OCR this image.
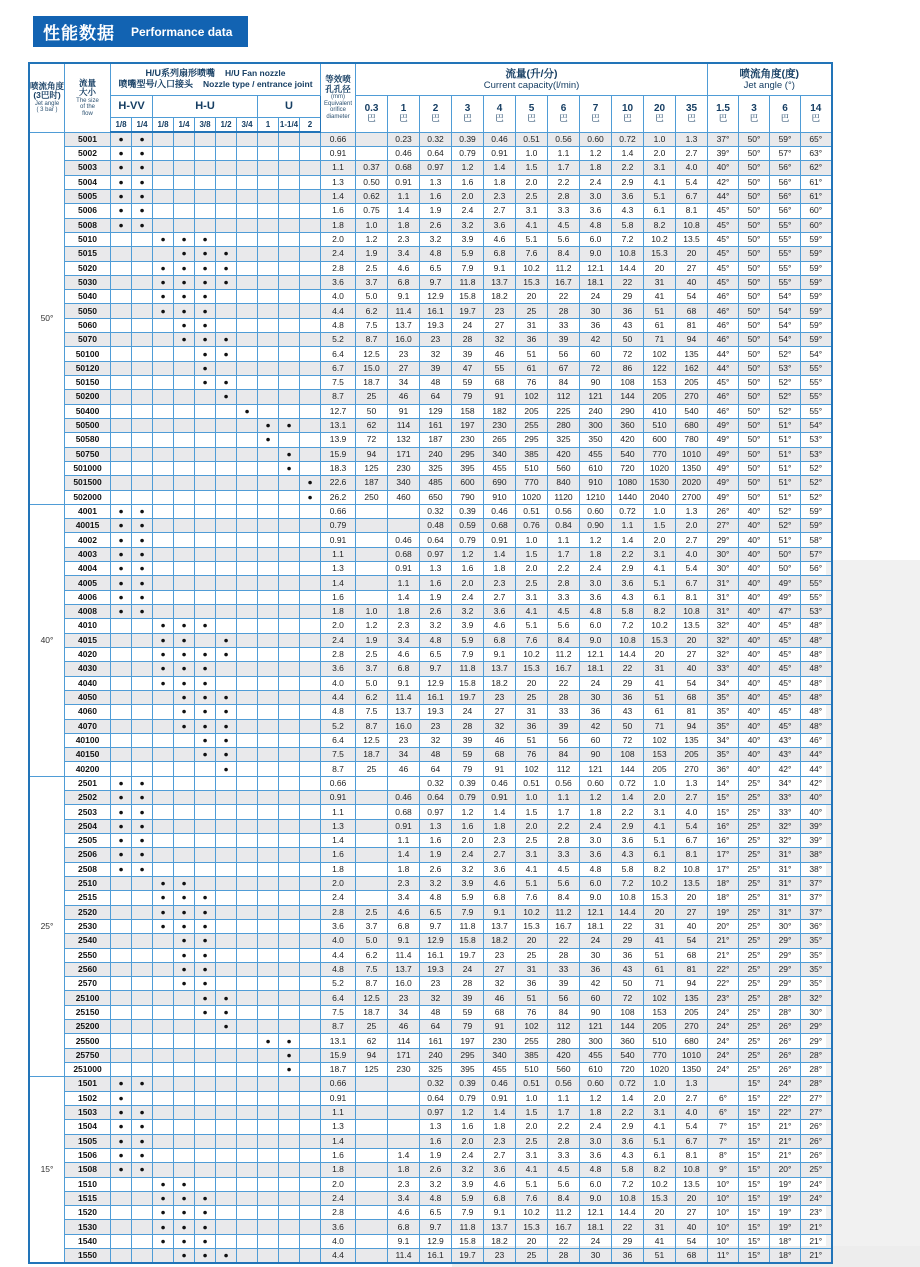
性能数据 Performance data
喷流角度
(3巴时)
Jet angle
( 3 bar )

流量
大小
The size
of the
flow

H/U系列扇形喷嘴 H/U Fan nozzle
喷嘴型号/入口接头 Nozzle type / entrance joint	等效喷
孔孔径
(mm)
Equivalent
orifice
diameter

流量(升/分)
Current capacity(l/min)

喷流角度(度)
Jet angle (°)

		H-VV		H-U					U				0.3
巴	1
巴	2
巴	3
巴	4
巴	5
巴	6
巴	7
巴	10
巴	20
巴	35
巴	1.5
巴	3
巴	6
巴	14
巴

		1/8	1/4	1/8	1/4	3/8	1/2	3/4	1	1-1/4	2																
50°	5001	●	●									0.66		0.23	0.32	0.39	0.46	0.51	0.56	0.60	0.72	1.0	1.3	37°	50°	59°	65°
	5002	●	●									0.91		0.46	0.64	0.79	0.91	1.0	1.1	1.2	1.4	2.0	2.7	39°	50°	57°	63°
	5003	●	●									1.1	0.37	0.68	0.97	1.2	1.4	1.5	1.7	1.8	2.2	3.1	4.0	40°	50°	56°	62°
	5004	●	●									1.3	0.50	0.91	1.3	1.6	1.8	2.0	2.2	2.4	2.9	4.1	5.4	42°	50°	56°	61°
	5005	●	●									1.4	0.62	1.1	1.6	2.0	2.3	2.5	2.8	3.0	3.6	5.1	6.7	44°	50°	56°	61°
	5006	●	●									1.6	0.75	1.4	1.9	2.4	2.7	3.1	3.3	3.6	4.3	6.1	8.1	45°	50°	56°	60°
	5008	●	●									1.8	1.0	1.8	2.6	3.2	3.6	4.1	4.5	4.8	5.8	8.2	10.8	45°	50°	55°	60°
	5010			●	●	●						2.0	1.2	2.3	3.2	3.9	4.6	5.1	5.6	6.0	7.2	10.2	13.5	45°	50°	55°	59°
	5015				●	●	●					2.4	1.9	3.4	4.8	5.9	6.8	7.6	8.4	9.0	10.8	15.3	20	45°	50°	55°	59°
	5020			●	●	●	●					2.8	2.5	4.6	6.5	7.9	9.1	10.2	11.2	12.1	14.4	20	27	45°	50°	55°	59°
	5030			●	●	●	●					3.6	3.7	6.8	9.7	11.8	13.7	15.3	16.7	18.1	22	31	40	45°	50°	55°	59°
	5040			●	●	●						4.0	5.0	9.1	12.9	15.8	18.2	20	22	24	29	41	54	46°	50°	54°	59°
	5050			●	●	●						4.4	6.2	11.4	16.1	19.7	23	25	28	30	36	51	68	46°	50°	54°	59°
	5060				●	●						4.8	7.5	13.7	19.3	24	27	31	33	36	43	61	81	46°	50°	54°	59°
	5070				●	●	●					5.2	8.7	16.0	23	28	32	36	39	42	50	71	94	46°	50°	54°	59°
	50100					●	●					6.4	12.5	23	32	39	46	51	56	60	72	102	135	44°	50°	52°	54°
	50120					●						6.7	15.0	27	39	47	55	61	67	72	86	122	162	44°	50°	53°	55°
	50150					●	●					7.5	18.7	34	48	59	68	76	84	90	108	153	205	45°	50°	52°	55°
	50200						●					8.7	25	46	64	79	91	102	112	121	144	205	270	46°	50°	52°	55°
	50400							●				12.7	50	91	129	158	182	205	225	240	290	410	540	46°	50°	52°	55°
	50500								●	●		13.1	62	114	161	197	230	255	280	300	360	510	680	49°	50°	51°	54°
	50580								●			13.9	72	132	187	230	265	295	325	350	420	600	780	49°	50°	51°	53°
	50750									●		15.9	94	171	240	295	340	385	420	455	540	770	1010	49°	50°	51°	53°
	501000									●		18.3	125	230	325	395	455	510	560	610	720	1020	1350	49°	50°	51°	52°
	501500										●	22.6	187	340	485	600	690	770	840	910	1080	1530	2020	49°	50°	51°	52°
	502000										●	26.2	250	460	650	790	910	1020	1120	1210	1440	2040	2700	49°	50°	51°	52°
40°	4001	●	●									0.66			0.32	0.39	0.46	0.51	0.56	0.60	0.72	1.0	1.3	26°	40°	52°	59°
	40015	●	●									0.79			0.48	0.59	0.68	0.76	0.84	0.90	1.1	1.5	2.0	27°	40°	52°	59°
	4002	●	●									0.91		0.46	0.64	0.79	0.91	1.0	1.1	1.2	1.4	2.0	2.7	29°	40°	51°	58°
	4003	●	●									1.1		0.68	0.97	1.2	1.4	1.5	1.7	1.8	2.2	3.1	4.0	30°	40°	50°	57°
	4004	●	●									1.3		0.91	1.3	1.6	1.8	2.0	2.2	2.4	2.9	4.1	5.4	30°	40°	50°	56°
	4005	●	●									1.4		1.1	1.6	2.0	2.3	2.5	2.8	3.0	3.6	5.1	6.7	31°	40°	49°	55°
	4006	●	●									1.6		1.4	1.9	2.4	2.7	3.1	3.3	3.6	4.3	6.1	8.1	31°	40°	49°	55°
	4008	●	●									1.8	1.0	1.8	2.6	3.2	3.6	4.1	4.5	4.8	5.8	8.2	10.8	31°	40°	47°	53°
	4010			●	●	●						2.0	1.2	2.3	3.2	3.9	4.6	5.1	5.6	6.0	7.2	10.2	13.5	32°	40°	45°	48°
	4015			●	●		●					2.4	1.9	3.4	4.8	5.9	6.8	7.6	8.4	9.0	10.8	15.3	20	32°	40°	45°	48°
	4020			●	●	●	●					2.8	2.5	4.6	6.5	7.9	9.1	10.2	11.2	12.1	14.4	20	27	32°	40°	45°	48°
	4030			●	●	●						3.6	3.7	6.8	9.7	11.8	13.7	15.3	16.7	18.1	22	31	40	33°	40°	45°	48°
	4040			●	●	●						4.0	5.0	9.1	12.9	15.8	18.2	20	22	24	29	41	54	34°	40°	45°	48°
	4050				●	●	●					4.4	6.2	11.4	16.1	19.7	23	25	28	30	36	51	68	35°	40°	45°	48°
	4060				●	●	●					4.8	7.5	13.7	19.3	24	27	31	33	36	43	61	81	35°	40°	45°	48°
	4070				●	●	●					5.2	8.7	16.0	23	28	32	36	39	42	50	71	94	35°	40°	45°	48°
	40100					●	●					6.4	12.5	23	32	39	46	51	56	60	72	102	135	34°	40°	43°	46°
	40150					●	●					7.5	18.7	34	48	59	68	76	84	90	108	153	205	35°	40°	43°	44°
	40200						●					8.7	25	46	64	79	91	102	112	121	144	205	270	36°	40°	42°	44°
25°	2501	●	●									0.66			0.32	0.39	0.46	0.51	0.56	0.60	0.72	1.0	1.3	14°	25°	34°	42°
	2502	●	●									0.91		0.46	0.64	0.79	0.91	1.0	1.1	1.2	1.4	2.0	2.7	15°	25°	33°	40°
	2503	●	●									1.1		0.68	0.97	1.2	1.4	1.5	1.7	1.8	2.2	3.1	4.0	15°	25°	33°	40°
	2504	●	●									1.3		0.91	1.3	1.6	1.8	2.0	2.2	2.4	2.9	4.1	5.4	16°	25°	32°	39°
	2505	●	●									1.4		1.1	1.6	2.0	2.3	2.5	2.8	3.0	3.6	5.1	6.7	16°	25°	32°	39°
	2506	●	●									1.6		1.4	1.9	2.4	2.7	3.1	3.3	3.6	4.3	6.1	8.1	17°	25°	31°	38°
	2508	●	●									1.8		1.8	2.6	3.2	3.6	4.1	4.5	4.8	5.8	8.2	10.8	17°	25°	31°	38°
	2510			●	●							2.0		2.3	3.2	3.9	4.6	5.1	5.6	6.0	7.2	10.2	13.5	18°	25°	31°	37°
	2515			●	●	●						2.4		3.4	4.8	5.9	6.8	7.6	8.4	9.0	10.8	15.3	20	18°	25°	31°	37°
	2520			●	●	●						2.8	2.5	4.6	6.5	7.9	9.1	10.2	11.2	12.1	14.4	20	27	19°	25°	31°	37°
	2530			●	●	●						3.6	3.7	6.8	9.7	11.8	13.7	15.3	16.7	18.1	22	31	40	20°	25°	30°	36°
	2540				●	●						4.0	5.0	9.1	12.9	15.8	18.2	20	22	24	29	41	54	21°	25°	29°	35°
	2550				●	●						4.4	6.2	11.4	16.1	19.7	23	25	28	30	36	51	68	21°	25°	29°	35°
	2560				●	●						4.8	7.5	13.7	19.3	24	27	31	33	36	43	61	81	22°	25°	29°	35°
	2570				●	●						5.2	8.7	16.0	23	28	32	36	39	42	50	71	94	22°	25°	29°	35°
	25100					●	●					6.4	12.5	23	32	39	46	51	56	60	72	102	135	23°	25°	28°	32°
	25150					●	●					7.5	18.7	34	48	59	68	76	84	90	108	153	205	24°	25°	28°	30°
	25200						●					8.7	25	46	64	79	91	102	112	121	144	205	270	24°	25°	26°	29°
	25500								●	●		13.1	62	114	161	197	230	255	280	300	360	510	680	24°	25°	26°	29°
	25750									●		15.9	94	171	240	295	340	385	420	455	540	770	1010	24°	25°	26°	28°
	251000									●		18.7	125	230	325	395	455	510	560	610	720	1020	1350	24°	25°	26°	28°
15°	1501	●	●									0.66			0.32	0.39	0.46	0.51	0.56	0.60	0.72	1.0	1.3		15°	24°	28°
	1502	●										0.91			0.64	0.79	0.91	1.0	1.1	1.2	1.4	2.0	2.7	6°	15°	22°	27°
	1503	●	●									1.1			0.97	1.2	1.4	1.5	1.7	1.8	2.2	3.1	4.0	6°	15°	22°	27°
	1504	●	●									1.3			1.3	1.6	1.8	2.0	2.2	2.4	2.9	4.1	5.4	7°	15°	21°	26°
	1505	●	●									1.4			1.6	2.0	2.3	2.5	2.8	3.0	3.6	5.1	6.7	7°	15°	21°	26°
	1506	●	●									1.6		1.4	1.9	2.4	2.7	3.1	3.3	3.6	4.3	6.1	8.1	8°	15°	21°	26°
	1508	●	●									1.8		1.8	2.6	3.2	3.6	4.1	4.5	4.8	5.8	8.2	10.8	9°	15°	20°	25°
	1510			●	●							2.0		2.3	3.2	3.9	4.6	5.1	5.6	6.0	7.2	10.2	13.5	10°	15°	19°	24°
	1515			●	●	●						2.4		3.4	4.8	5.9	6.8	7.6	8.4	9.0	10.8	15.3	20	10°	15°	19°	24°
	1520			●	●	●						2.8		4.6	6.5	7.9	9.1	10.2	11.2	12.1	14.4	20	27	10°	15°	19°	23°
	1530			●	●	●						3.6		6.8	9.7	11.8	13.7	15.3	16.7	18.1	22	31	40	10°	15°	19°	21°
	1540			●	●	●						4.0		9.1	12.9	15.8	18.2	20	22	24	29	41	54	10°	15°	18°	21°
	1550				●	●	●					4.4		11.4	16.1	19.7	23	25	28	30	36	51	68	11°	15°	18°	21°
